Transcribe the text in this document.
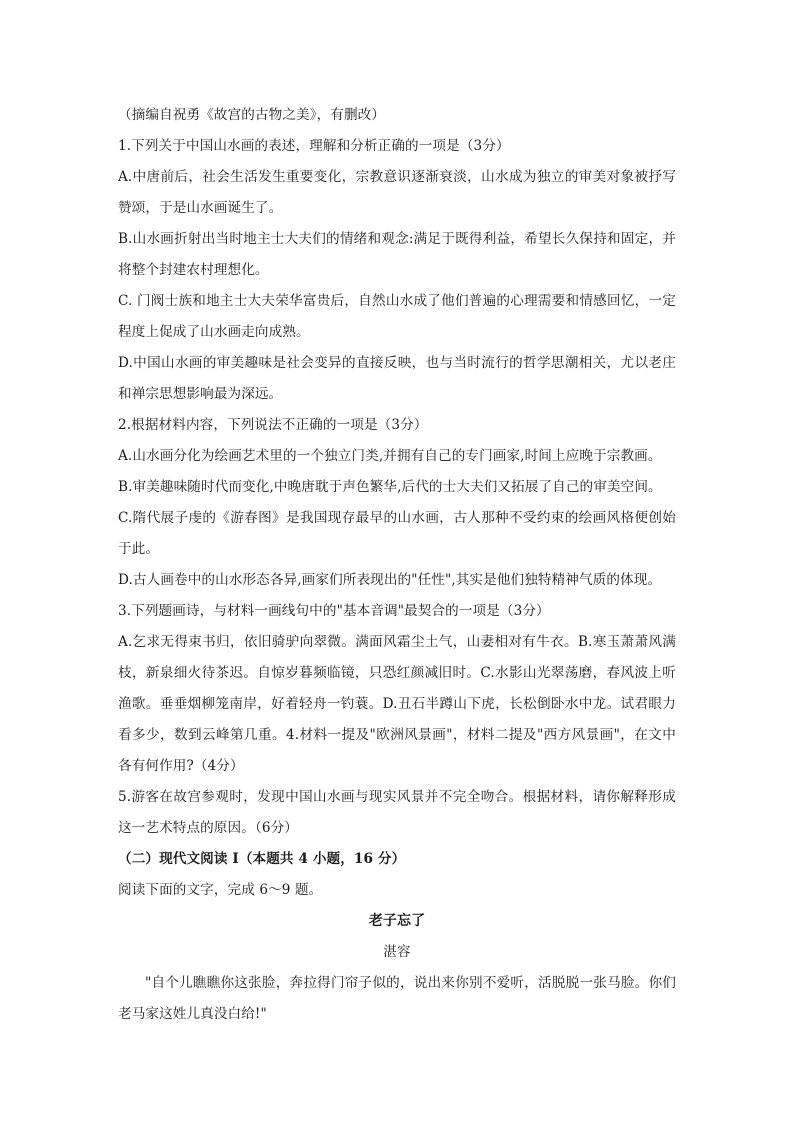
（摘编自祝勇《故宫的古物之美》，有删改）

1.下列关于中国山水画的表述，理解和分析正确的一项是（3分）

A.中唐前后，社会生活发生重要变化，宗教意识逐渐衰淡，山水成为独立的审美对象被抒写赞颂，于是山水画诞生了。

B.山水画折射出当时地主士大夫们的情绪和观念:满足于既得利益，希望长久保持和固定，并将整个封建农村理想化。

C. 门阀士族和地主士大夫荣华富贵后，自然山水成了他们普遍的心理需要和情感回忆，一定程度上促成了山水画走向成熟。

D.中国山水画的审美趣味是社会变异的直接反映，也与当时流行的哲学思潮相关，尤以老庄和禅宗思想影响最为深远。

2.根据材料内容，下列说法不正确的一项是（3分）

A.山水画分化为绘画艺术里的一个独立门类,并拥有自己的专门画家,时间上应晚于宗教画。

B.审美趣味随时代而变化,中晚唐耽于声色繁华,后代的士大夫们又拓展了自己的审美空间。

C.隋代展子虔的《游春图》是我国现存最早的山水画，古人那种不受约束的绘画风格便创始于此。

D.古人画卷中的山水形态各异,画家们所表现出的"任性",其实是他们独特精神气质的体现。

3.下列题画诗，与材料一画线句中的"基本音调"最契合的一项是（3分）

A.乞求无得束书归，依旧骑驴向翠微。满面风霜尘土气，山妻相对有牛衣。B.寒玉萧萧风满枝，新泉细火待茶迟。自惊岁暮频临镜，只恐红颜减旧时。C.水影山光翠荡磨，春风波上听渔歌。垂垂烟柳笼南岸，好着轻舟一钓蓑。D.丑石半蹲山下虎，长松倒卧水中龙。试君眼力看多少，数到云峰第几重。4.材料一提及"欧洲风景画"，材料二提及"西方风景画"，在文中各有何作用?（4分）

5.游客在故宫参观时，发现中国山水画与现实风景并不完全吻合。根据材料，请你解释形成这一艺术特点的原因。（6分）

（二）现代文阅读 I（本题共 4 小题，16 分）

阅读下面的文字，完成 6～9 题。

老子忘了

湛容

"自个儿瞧瞧你这张脸，奔拉得门帘子似的，说出来你别不爱听，活脱脱一张马脸。你们老马家这姓儿真没白给!"
